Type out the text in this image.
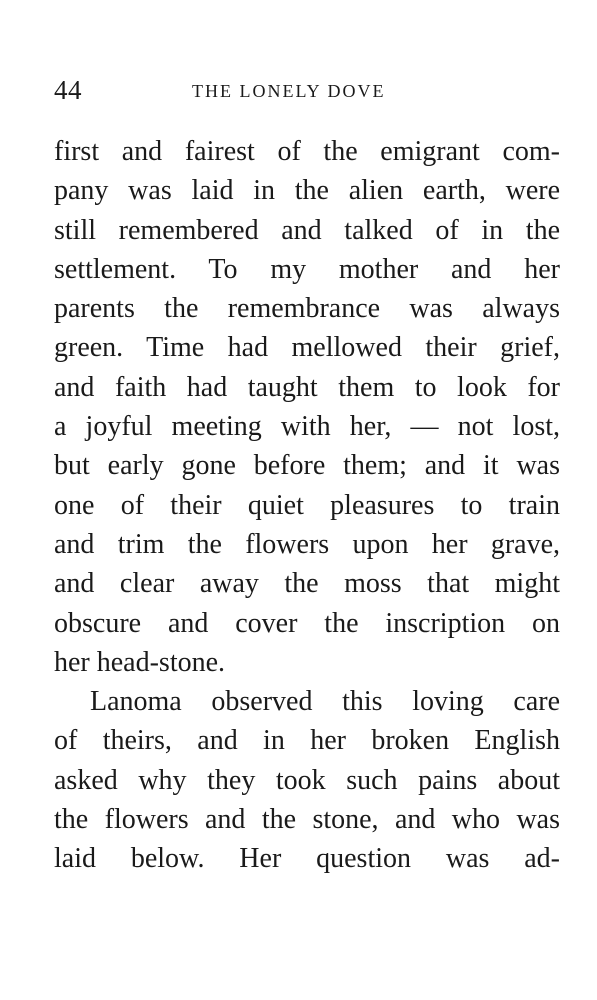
44	THE LONELY DOVE
first and fairest of the emigrant com-
pany was laid in the alien earth, were
still remembered and talked of in the
settlement. To my mother and her
parents the remembrance was always
green. Time had mellowed their grief,
and faith had taught them to look for
a joyful meeting with her, — not lost,
but early gone before them; and it was
one of their quiet pleasures to train
and trim the flowers upon her grave,
and clear away the moss that might
obscure and cover the inscription on
her head-stone.
Lanoma observed this loving care
of theirs, and in her broken English
asked why they took such pains about
the flowers and the stone, and who was
laid below. Her question was ad-
